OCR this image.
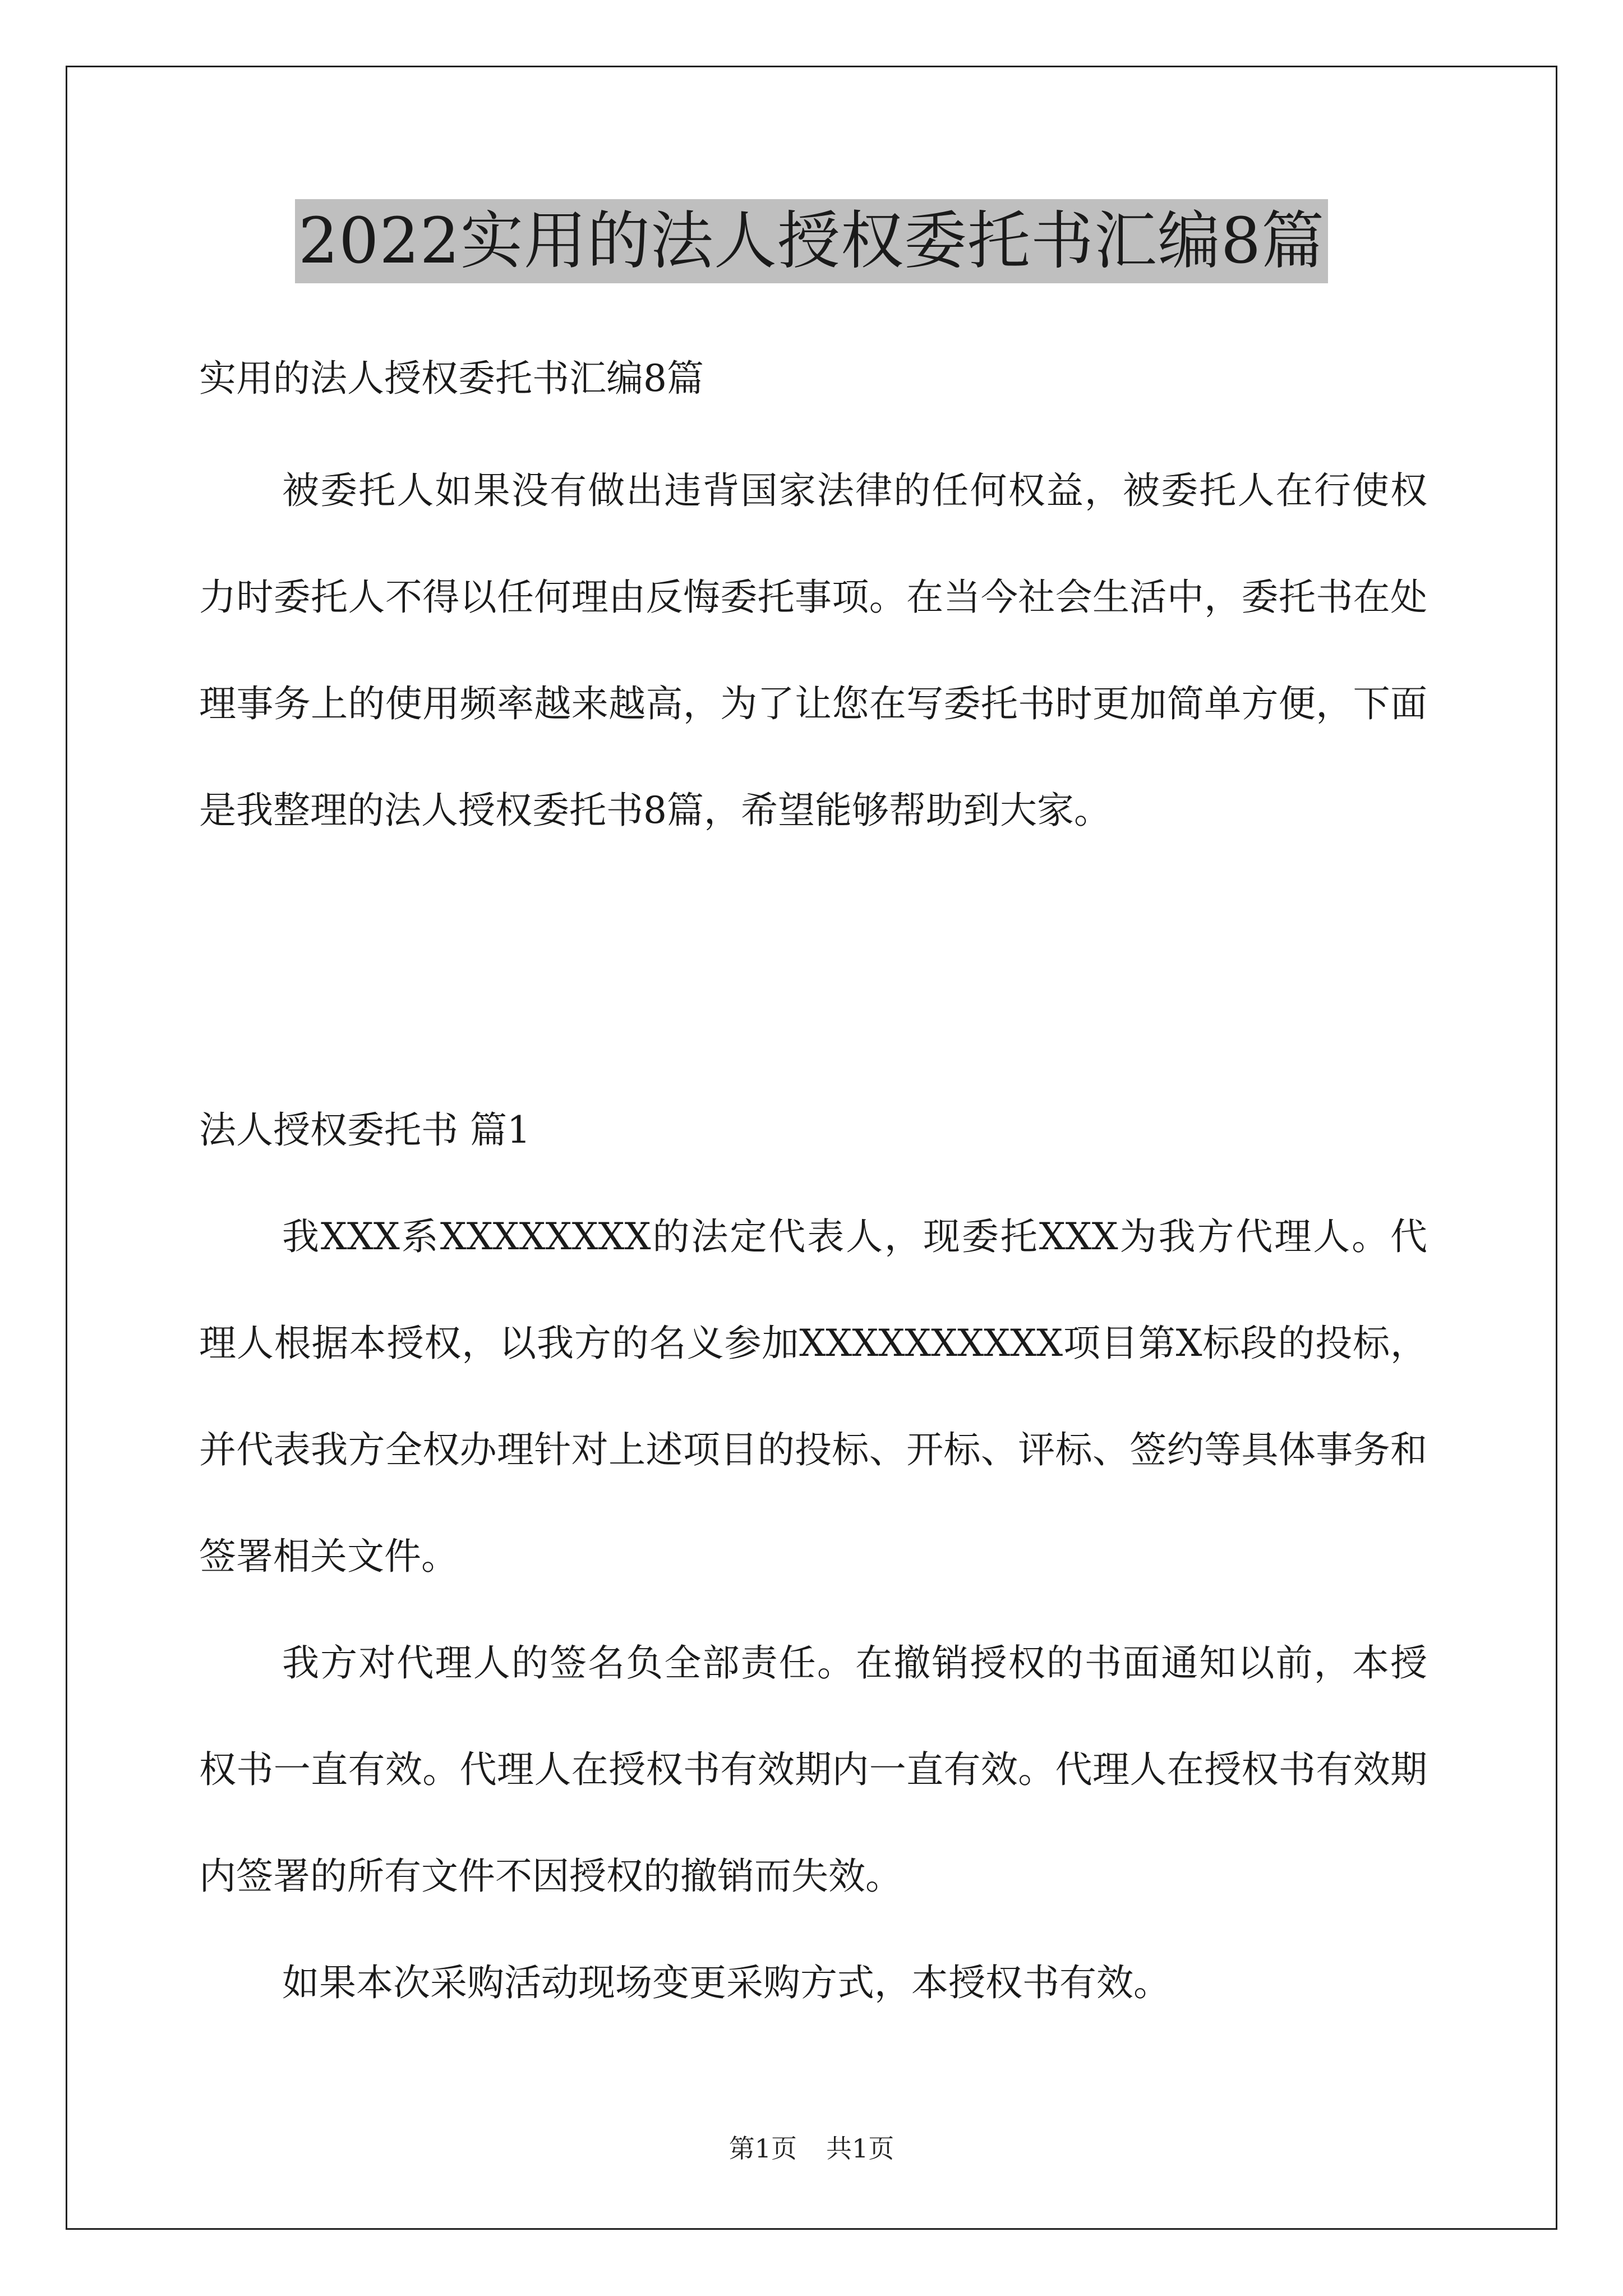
2022实用的法人授权委托书汇编8篇
实用的法人授权委托书汇编8篇
被委托人如果没有做出违背国家法律的任何权益，被委托人在行使权力时委托人不得以任何理由反悔委托事项。在当今社会生活中，委托书在处理事务上的使用频率越来越高，为了让您在写委托书时更加简单方便，下面是我整理的法人授权委托书8篇，希望能够帮助到大家。
法人授权委托书 篇1
我XXX系XXXXXXXX的法定代表人，现委托XXX为我方代理人。代理人根据本授权，以我方的名义参加XXXXXXXXXX项目第X标段的投标，并代表我方全权办理针对上述项目的投标、开标、评标、签约等具体事务和签署相关文件。
我方对代理人的签名负全部责任。在撤销授权的书面通知以前，本授权书一直有效。代理人在授权书有效期内一直有效。代理人在授权书有效期内签署的所有文件不因授权的撤销而失效。
如果本次采购活动现场变更采购方式，本授权书有效。
第1页 共1页
